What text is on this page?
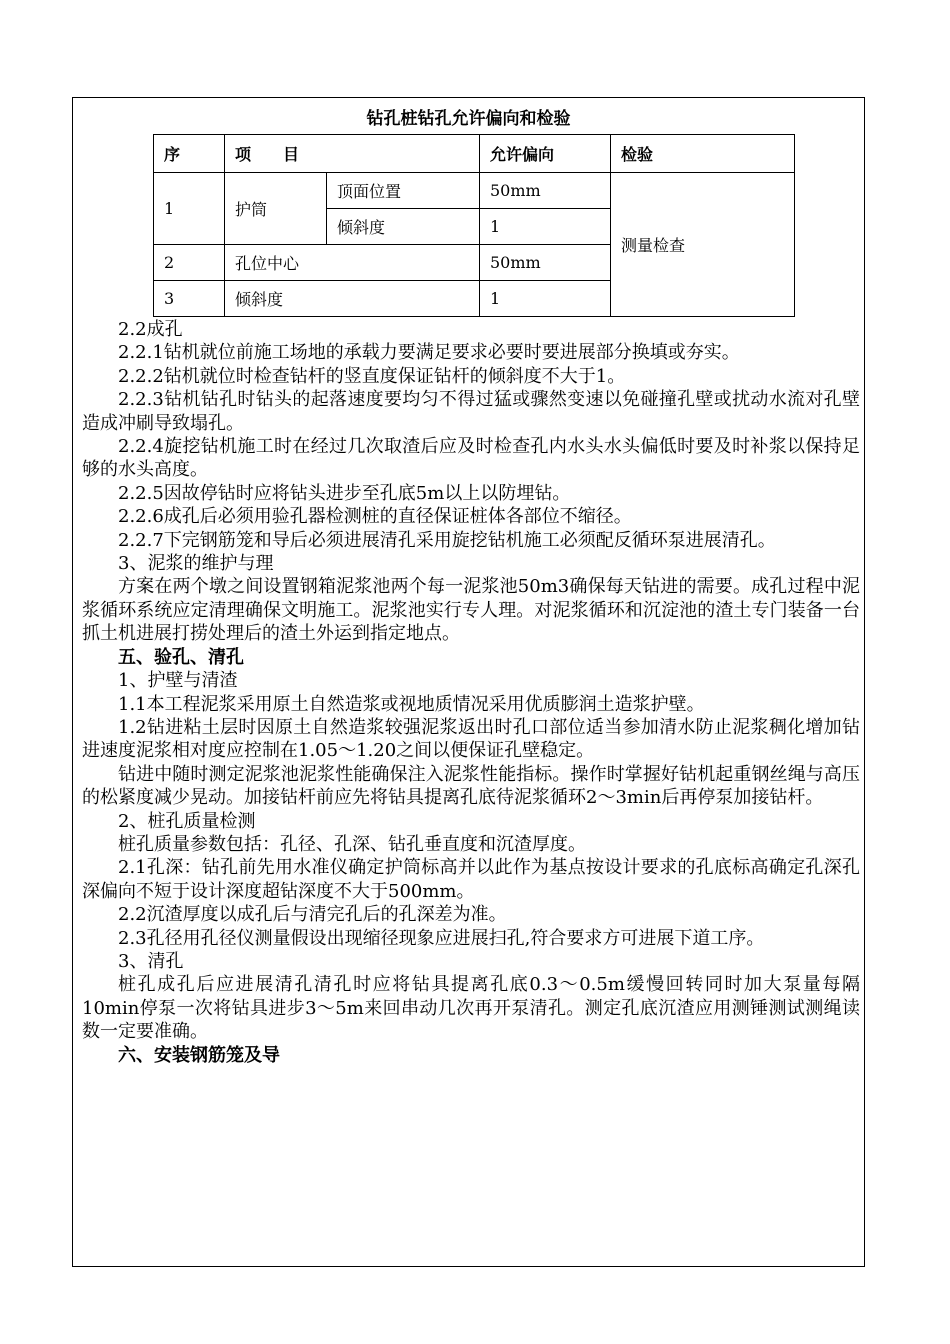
钻孔桩钻孔允许偏向和检验
序	项　　目		允许偏向	检验
1	护筒	顶面位置	50mm	测量检查
		倾斜度	1	
2	孔位中心		50mm	
3	倾斜度		1	

2.2成孔

2.2.1钻机就位前施工场地的承载力要满足要求必要时要进展部分换填或夯实。

2.2.2钻机就位时检查钻杆的竖直度保证钻杆的倾斜度不大于1。

2.2.3钻机钻孔时钻头的起落速度要均匀不得过猛或骤然变速以免碰撞孔壁或扰动水流对孔壁造成冲刷导致塌孔。

2.2.4旋挖钻机施工时在经过几次取渣后应及时检查孔内水头水头偏低时要及时补浆以保持足够的水头高度。

2.2.5因故停钻时应将钻头进步至孔底5m以上以防埋钻。

2.2.6成孔后必须用验孔器检测桩的直径保证桩体各部位不缩径。

2.2.7下完钢筋笼和导后必须进展清孔采用旋挖钻机施工必须配反循环泵进展清孔。

3、泥浆的维护与理

方案在两个墩之间设置钢箱泥浆池两个每一泥浆池50m3确保每天钻进的需要。成孔过程中泥浆循环系统应定清理确保文明施工。泥浆池实行专人理。对泥浆循环和沉淀池的渣土专门装备一台抓土机进展打捞处理后的渣土外运到指定地点。

五、验孔、清孔

1、护壁与清渣

1.1本工程泥浆采用原土自然造浆或视地质情况采用优质膨润土造浆护壁。

1.2钻进粘土层时因原土自然造浆较强泥浆返出时孔口部位适当参加清水防止泥浆稠化增加钻进速度泥浆相对度应控制在1.05～1.20之间以便保证孔壁稳定。

钻进中随时测定泥浆池泥浆性能确保注入泥浆性能指标。操作时掌握好钻机起重钢丝绳与高压的松紧度减少晃动。加接钻杆前应先将钻具提离孔底待泥浆循环2～3min后再停泵加接钻杆。

2、桩孔质量检测

桩孔质量参数包括：孔径、孔深、钻孔垂直度和沉渣厚度。

2.1孔深：钻孔前先用水准仪确定护筒标高并以此作为基点按设计要求的孔底标高确定孔深孔深偏向不短于设计深度超钻深度不大于500mm。

2.2沉渣厚度以成孔后与清完孔后的孔深差为准。

2.3孔径用孔径仪测量假设出现缩径现象应进展扫孔,符合要求方可进展下道工序。

3、清孔

桩孔成孔后应进展清孔清孔时应将钻具提离孔底0.3～0.5m缓慢回转同时加大泵量每隔10min停泵一次将钻具进步3～5m来回串动几次再开泵清孔。测定孔底沉渣应用测锤测试测绳读数一定要准确。

六、安装钢筋笼及导
